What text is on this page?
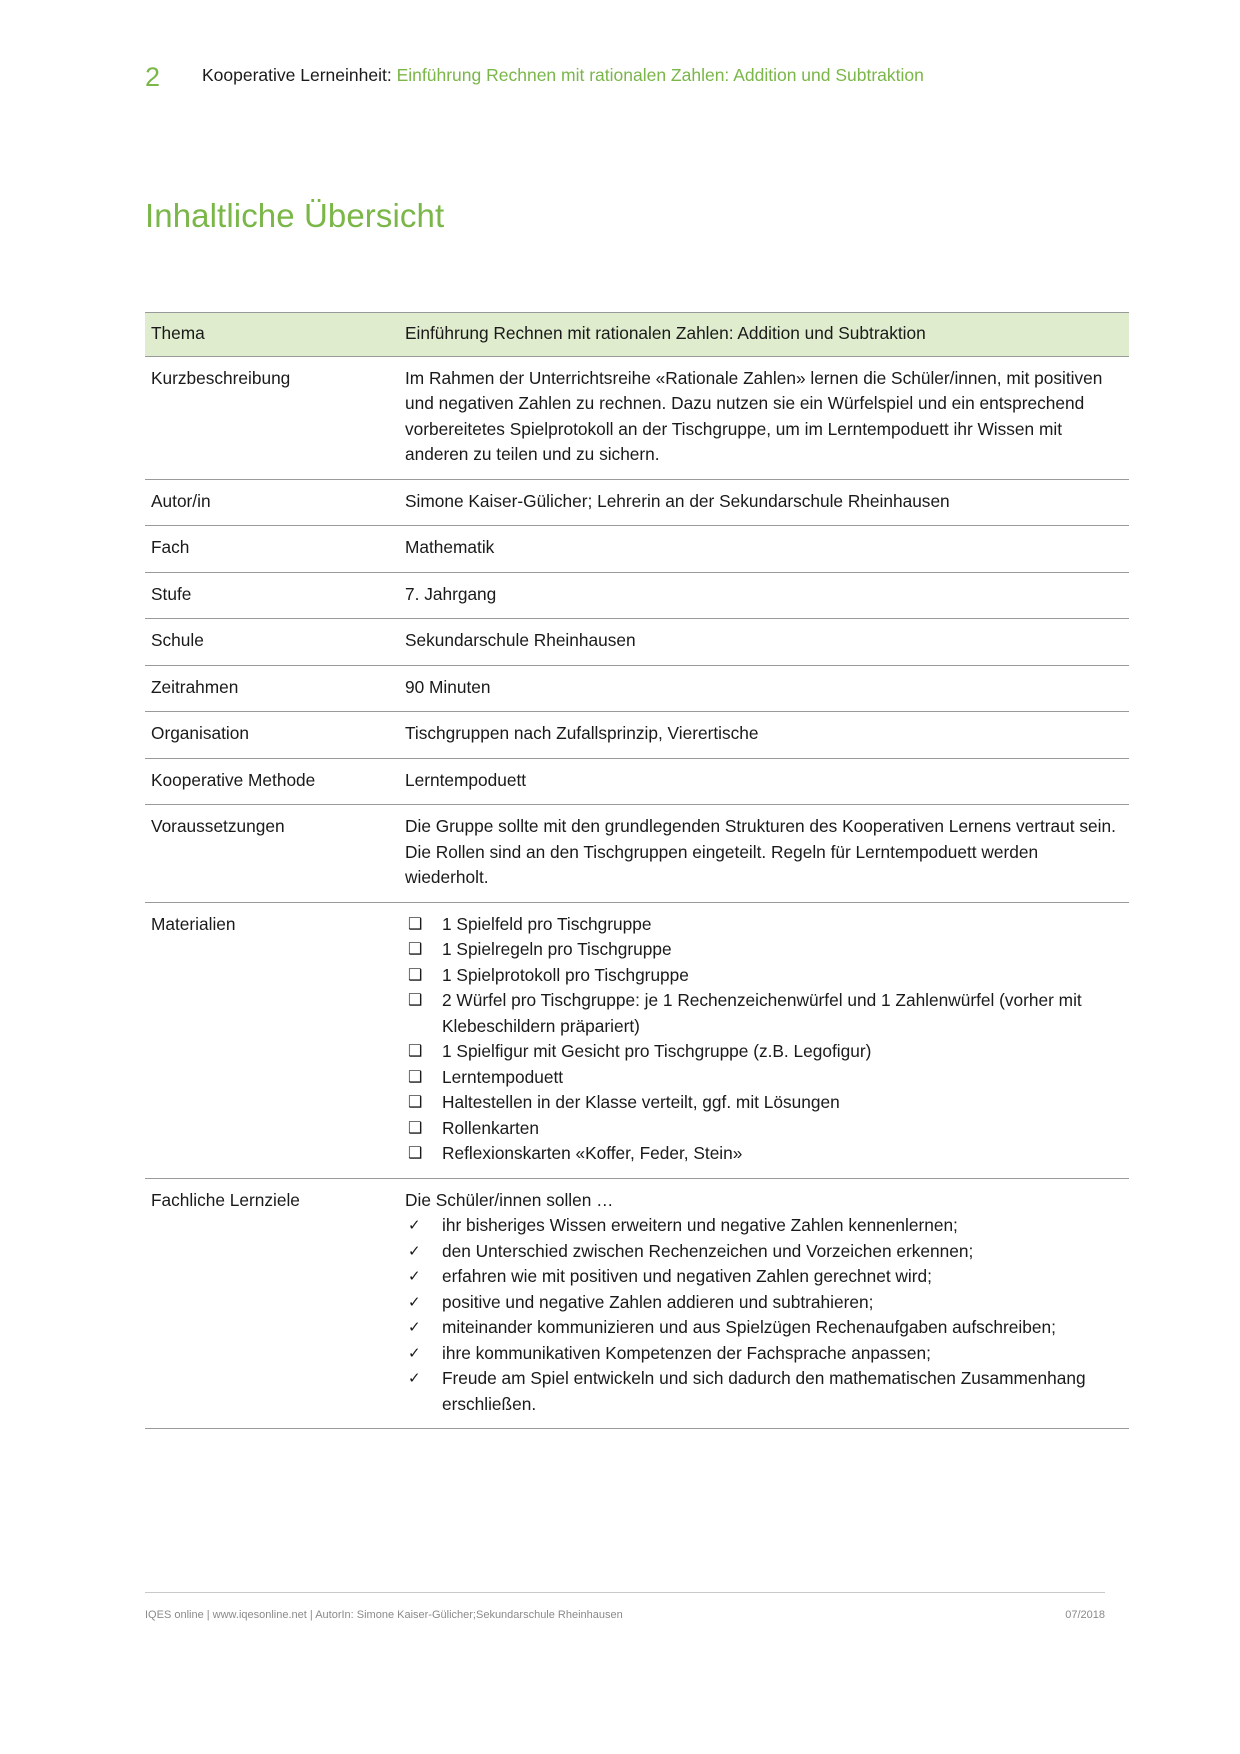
2	Kooperative Lerneinheit: Einführung Rechnen mit rationalen Zahlen: Addition und Subtraktion
Inhaltliche Übersicht
Thema	Einführung Rechnen mit rationalen Zahlen: Addition und Subtraktion
Kurzbeschreibung	Im Rahmen der Unterrichtsreihe «Rationale Zahlen» lernen die Schüler/innen, mit positiven und negativen Zahlen zu rechnen. Dazu nutzen sie ein Würfelspiel und ein entsprechend vorbereitetes Spielprotokoll an der Tischgruppe, um im Lerntempoduett ihr Wissen mit anderen zu teilen und zu sichern.
Autor/in	Simone Kaiser-Gülicher; Lehrerin an der Sekundarschule Rheinhausen
Fach	Mathematik
Stufe	7. Jahrgang
Schule	Sekundarschule Rheinhausen
Zeitrahmen	90 Minuten
Organisation	Tischgruppen nach Zufallsprinzip, Vierertische
Kooperative Methode	Lerntempoduett
Voraussetzungen	Die Gruppe sollte mit den grundlegenden Strukturen des Kooperativen Lernens vertraut sein. Die Rollen sind an den Tischgruppen eingeteilt. Regeln für Lerntempoduett werden wiederholt.
Materialien	❑ 1 Spielfeld pro Tischgruppe
❑ 1 Spielregeln pro Tischgruppe
❑ 1 Spielprotokoll pro Tischgruppe
❑ 2 Würfel pro Tischgruppe: je 1 Rechenzeichenwürfel und 1 Zahlenwürfel (vorher mit Klebeschildern präpariert)
❑ 1 Spielfigur mit Gesicht pro Tischgruppe (z.B. Legofigur)
❑ Lerntempoduett
❑ Haltestellen in der Klasse verteilt, ggf. mit Lösungen
❑ Rollenkarten
❑ Reflexionskarten «Koffer, Feder, Stein»

Fachliche Lernziele	Die Schüler/innen sollen …
✓ ihr bisheriges Wissen erweitern und negative Zahlen kennenlernen;
✓ den Unterschied zwischen Rechenzeichen und Vorzeichen erkennen;
✓ erfahren wie mit positiven und negativen Zahlen gerechnet wird;
✓ positive und negative Zahlen addieren und subtrahieren;
✓ miteinander kommunizieren und aus Spielzügen Rechenaufgaben aufschreiben;
✓ ihre kommunikativen Kompetenzen der Fachsprache anpassen;
✓ Freude am Spiel entwickeln und sich dadurch den mathematischen Zusammenhang erschließen.
IQES online | www.iqesonline.net | AutorIn: Simone Kaiser-Gülicher;Sekundarschule Rheinhausen	07/2018
